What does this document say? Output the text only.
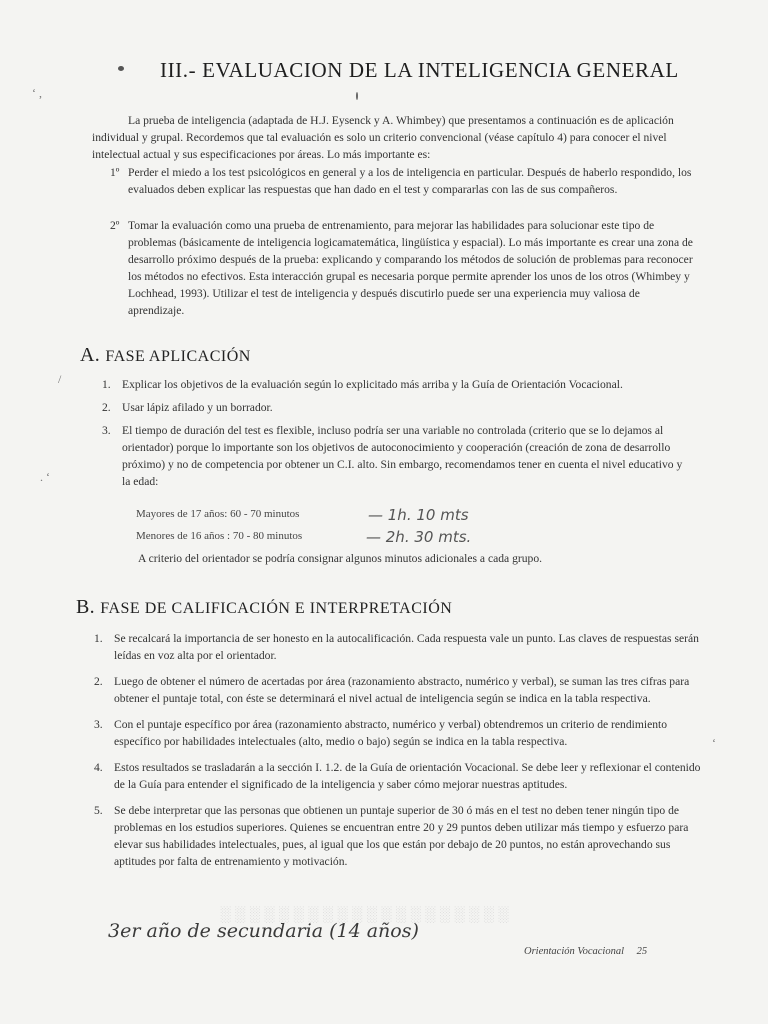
III.- EVALUACION DE LA INTELIGENCIA GENERAL
La prueba de inteligencia (adaptada de H.J. Eysenck y A. Whimbey) que presentamos a continuación es de aplicación individual y grupal. Recordemos que tal evaluación es solo un criterio convencional (véase capítulo 4) para conocer el nivel intelectual actual y sus especificaciones por áreas. Lo más importante es:
1º Perder el miedo a los test psicológicos en general y a los de inteligencia en particular. Después de haberlo respondido, los evaluados deben explicar las respuestas que han dado en el test y compararlas con las de sus compañeros.
2º Tomar la evaluación como una prueba de entrenamiento, para mejorar las habilidades para solucionar este tipo de problemas (básicamente de inteligencia logicamatemática, lingüística y espacial). Lo más importante es crear una zona de desarrollo próximo después de la prueba: explicando y comparando los métodos de solución de problemas para reconocer los métodos no efectivos. Esta interacción grupal es necesaria porque permite aprender los unos de los otros (Whimbey y Lochhead, 1993). Utilizar el test de inteligencia y después discutirlo puede ser una experiencia muy valiosa de aprendizaje.
A. FASE APLICACIÓN
1. Explicar los objetivos de la evaluación según lo explicitado más arriba y la Guía de Orientación Vocacional.
2. Usar lápiz afilado y un borrador.
3. El tiempo de duración del test es flexible, incluso podría ser una variable no controlada (criterio que se lo dejamos al orientador) porque lo importante son los objetivos de autoconocimiento y cooperación (creación de zona de desarrollo próximo) y no de competencia por obtener un C.I. alto. Sin embargo, recomendamos tener en cuenta el nivel educativo y la edad:
Mayores de 17 años: 60 - 70 minutos	— 1h. 10 mts
Menores de 16 años : 70 - 80 minutos	— 2h. 30 mts.
A criterio del orientador se podría consignar algunos minutos adicionales a cada grupo.
B. FASE DE CALIFICACIÓN E INTERPRETACIÓN
1. Se recalcará la importancia de ser honesto en la autocalificación. Cada respuesta vale un punto. Las claves de respuestas serán leídas en voz alta por el orientador.
2. Luego de obtener el número de acertadas por área (razonamiento abstracto, numérico y verbal), se suman las tres cifras para obtener el puntaje total, con éste se determinará el nivel actual de inteligencia según se indica en la tabla respectiva.
3. Con el puntaje específico por área (razonamiento abstracto, numérico y verbal) obtendremos un criterio de rendimiento específico por habilidades intelectuales (alto, medio o bajo) según se indica en la tabla respectiva.
4. Estos resultados se trasladarán a la sección I. 1.2. de la Guía de orientación Vocacional. Se debe leer y reflexionar el contenido de la Guía para entender el significado de la inteligencia y saber cómo mejorar nuestras aptitudes.
5. Se debe interpretar que las personas que obtienen un puntaje superior de 30 ó más en el test no deben tener ningún tipo de problemas en los estudios superiores. Quienes se encuentran entre 20 y 29 puntos deben utilizar más tiempo y esfuerzo para elevar sus habilidades intelectuales, pues, al igual que los que están por debajo de 20 puntos, no están aprovechando sus aptitudes por falta de entrenamiento y motivación.
░░░░░░░░░░░░░░░░░░░░
3er año de secundaria (14 años)
Orientación Vocacional 25
‘ ,
/
. ‘
‘
